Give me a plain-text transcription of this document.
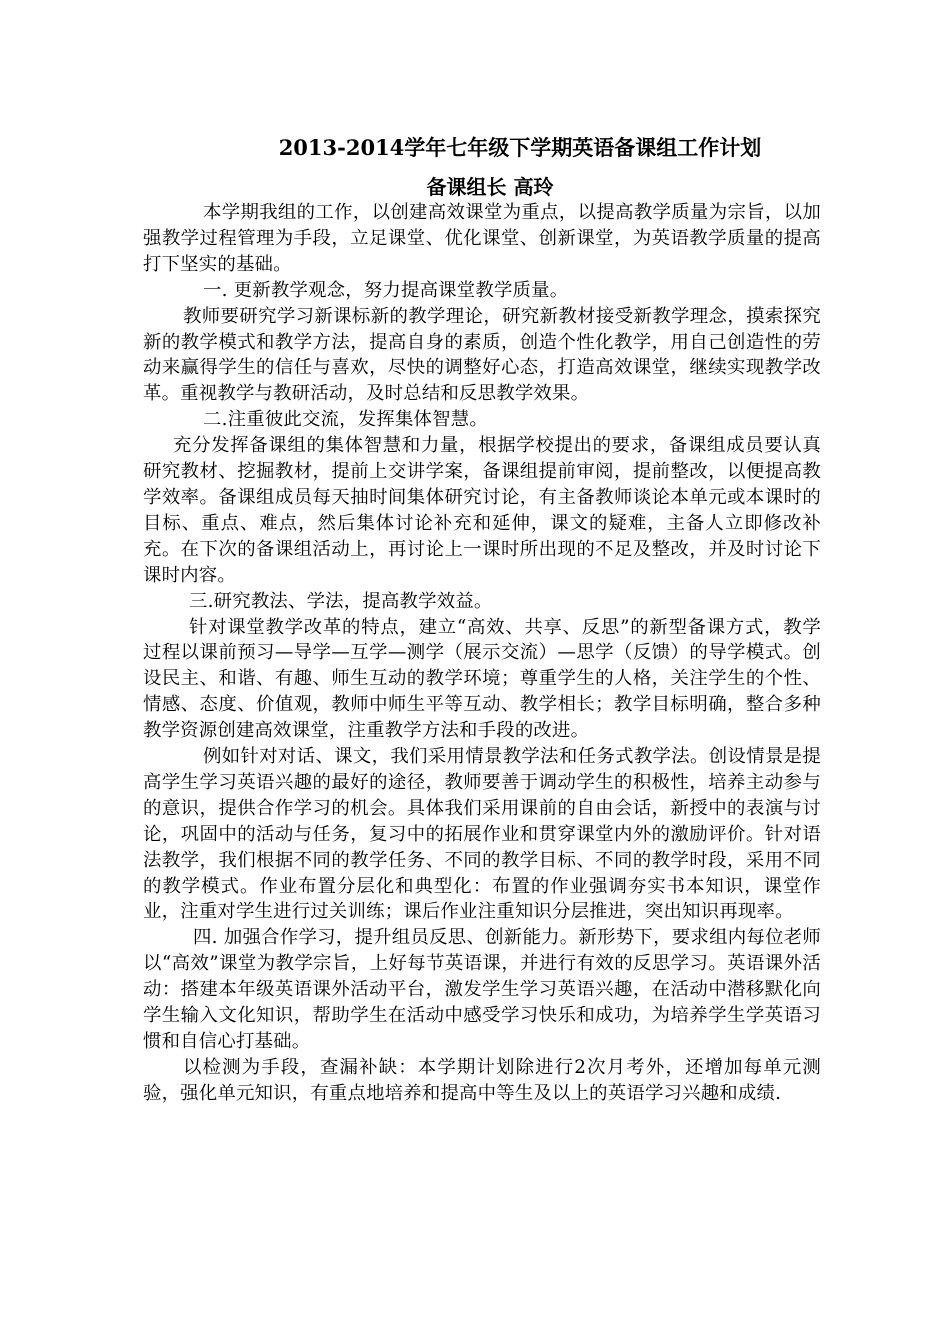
2013-2014学年七年级下学期英语备课组工作计划
备课组长 高玲

本学期我组的工作，以创建高效课堂为重点，以提高教学质量为宗旨，以加强教学过程管理为手段，立足课堂、优化课堂、创新课堂，为英语教学质量的提高打下坚实的基础。

一. 更新教学观念，努力提高课堂教学质量。

教师要研究学习新课标新的教学理论，研究新教材接受新教学理念，摸索探究新的教学模式和教学方法，提高自身的素质，创造个性化教学，用自己创造性的劳动来赢得学生的信任与喜欢，尽快的调整好心态，打造高效课堂，继续实现教学改革。重视教学与教研活动，及时总结和反思教学效果。

二.注重彼此交流，发挥集体智慧。

充分发挥备课组的集体智慧和力量，根据学校提出的要求，备课组成员要认真研究教材、挖掘教材，提前上交讲学案，备课组提前审阅，提前整改，以便提高教学效率。备课组成员每天抽时间集体研究讨论，有主备教师谈论本单元或本课时的目标、重点、难点，然后集体讨论补充和延伸，课文的疑难，主备人立即修改补充。在下次的备课组活动上，再讨论上一课时所出现的不足及整改，并及时讨论下课时内容。

三.研究教法、学法，提高教学效益。

针对课堂教学改革的特点，建立“高效、共享、反思”的新型备课方式，教学过程以课前预习—导学—互学—测学（展示交流）—思学（反馈）的导学模式。创设民主、和谐、有趣、师生互动的教学环境；尊重学生的人格，关注学生的个性、情感、态度、价值观，教师中师生平等互动、教学相长；教学目标明确，整合多种教学资源创建高效课堂，注重教学方法和手段的改进。

例如针对对话、课文，我们采用情景教学法和任务式教学法。创设情景是提高学生学习英语兴趣的最好的途径，教师要善于调动学生的积极性，培养主动参与的意识，提供合作学习的机会。具体我们采用课前的自由会话，新授中的表演与讨论，巩固中的活动与任务，复习中的拓展作业和贯穿课堂内外的激励评价。针对语法教学，我们根据不同的教学任务、不同的教学目标、不同的教学时段，采用不同的教学模式。作业布置分层化和典型化：布置的作业强调夯实书本知识，课堂作业，注重对学生进行过关训练；课后作业注重知识分层推进，突出知识再现率。

四. 加强合作学习，提升组员反思、创新能力。新形势下，要求组内每位老师以“高效”课堂为教学宗旨，上好每节英语课，并进行有效的反思学习。英语课外活动：搭建本年级英语课外活动平台，激发学生学习英语兴趣，在活动中潜移默化向学生输入文化知识，帮助学生在活动中感受学习快乐和成功，为培养学生学英语习惯和自信心打基础。

以检测为手段，查漏补缺：本学期计划除进行2次月考外，还增加每单元测验，强化单元知识，有重点地培养和提高中等生及以上的英语学习兴趣和成绩.
